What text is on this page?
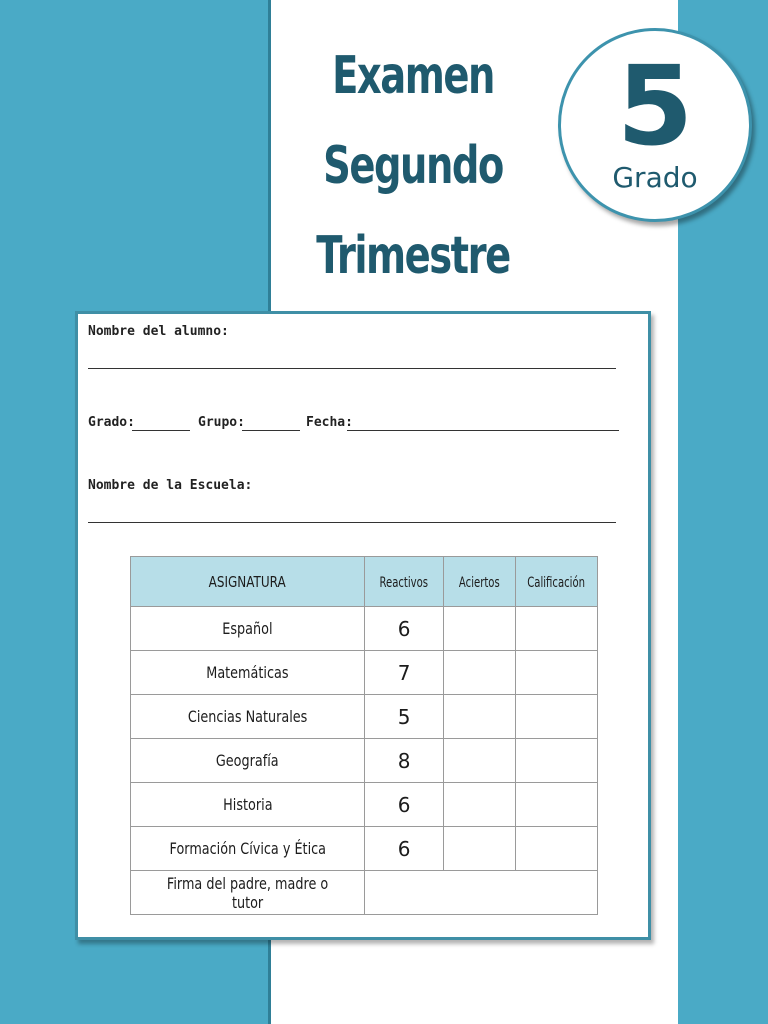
Examen
Segundo
Trimestre
5
Grado
Nombre del alumno:
Grado:	Grupo:	Fecha:
Nombre de la Escuela:
ASIGNATURA	Reactivos	Aciertos	Calificación
Español	6		
Matemáticas	7		
Ciencias Naturales	5		
Geografía	8		
Historia	6		
Formación Cívica y Ética	6		
Firma del padre, madre o tutor			
